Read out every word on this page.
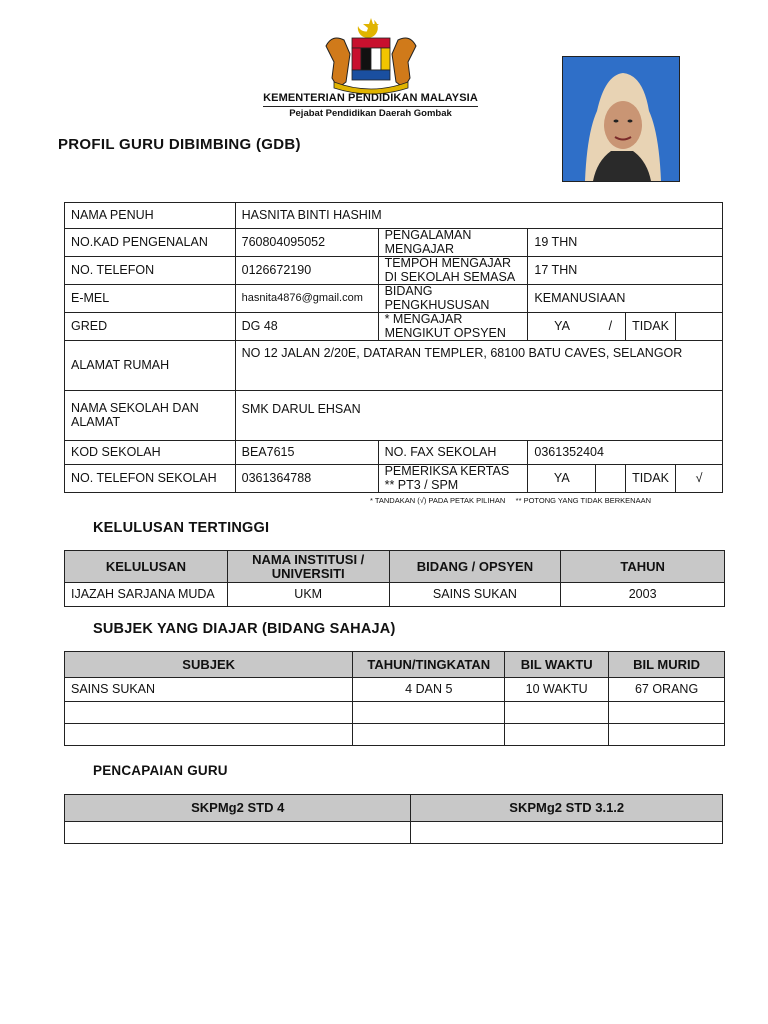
KEMENTERIAN PENDIDIKAN MALAYSIA
Pejabat Pendidikan Daerah Gombak
PROFIL GURU DIBIMBING (GDB)
NAMA PENUH	HASNITA BINTI HASHIM					
NO.KAD PENGENALAN	760804095052	PENGALAMAN MENGAJAR	19 THN			
NO. TELEFON	0126672190	TEMPOH MENGAJAR DI SEKOLAH SEMASA	17 THN			
E-MEL	hasnita4876@gmail.com	BIDANG PENGKHUSUSAN	KEMANUSIAAN			
GRED	DG 48	* MENGAJAR MENGIKUT OPSYEN	YA	/	TIDAK	
ALAMAT RUMAH	NO 12 JALAN 2/20E, DATARAN TEMPLER, 68100 BATU CAVES, SELANGOR					
NAMA SEKOLAH DAN ALAMAT	SMK DARUL EHSAN					
KOD SEKOLAH	BEA7615	NO. FAX SEKOLAH	0361352404			
NO. TELEFON SEKOLAH	0361364788	PEMERIKSA KERTAS ** PT3 / SPM	YA		TIDAK	√
* TANDAKAN (√) PADA PETAK PILIHAN     ** POTONG YANG TIDAK BERKENAAN
KELULUSAN TERTINGGI
KELULUSAN	NAMA INSTITUSI / UNIVERSITI	BIDANG / OPSYEN	TAHUN
IJAZAH SARJANA MUDA	UKM	SAINS SUKAN	2003
SUBJEK YANG DIAJAR (BIDANG SAHAJA)
SUBJEK	TAHUN/TINGKATAN	BIL WAKTU	BIL MURID
SAINS SUKAN	4 DAN 5	10 WAKTU	67 ORANG

PENCAPAIAN GURU
SKPMg2 STD 4	SKPMg2 STD 3.1.2
